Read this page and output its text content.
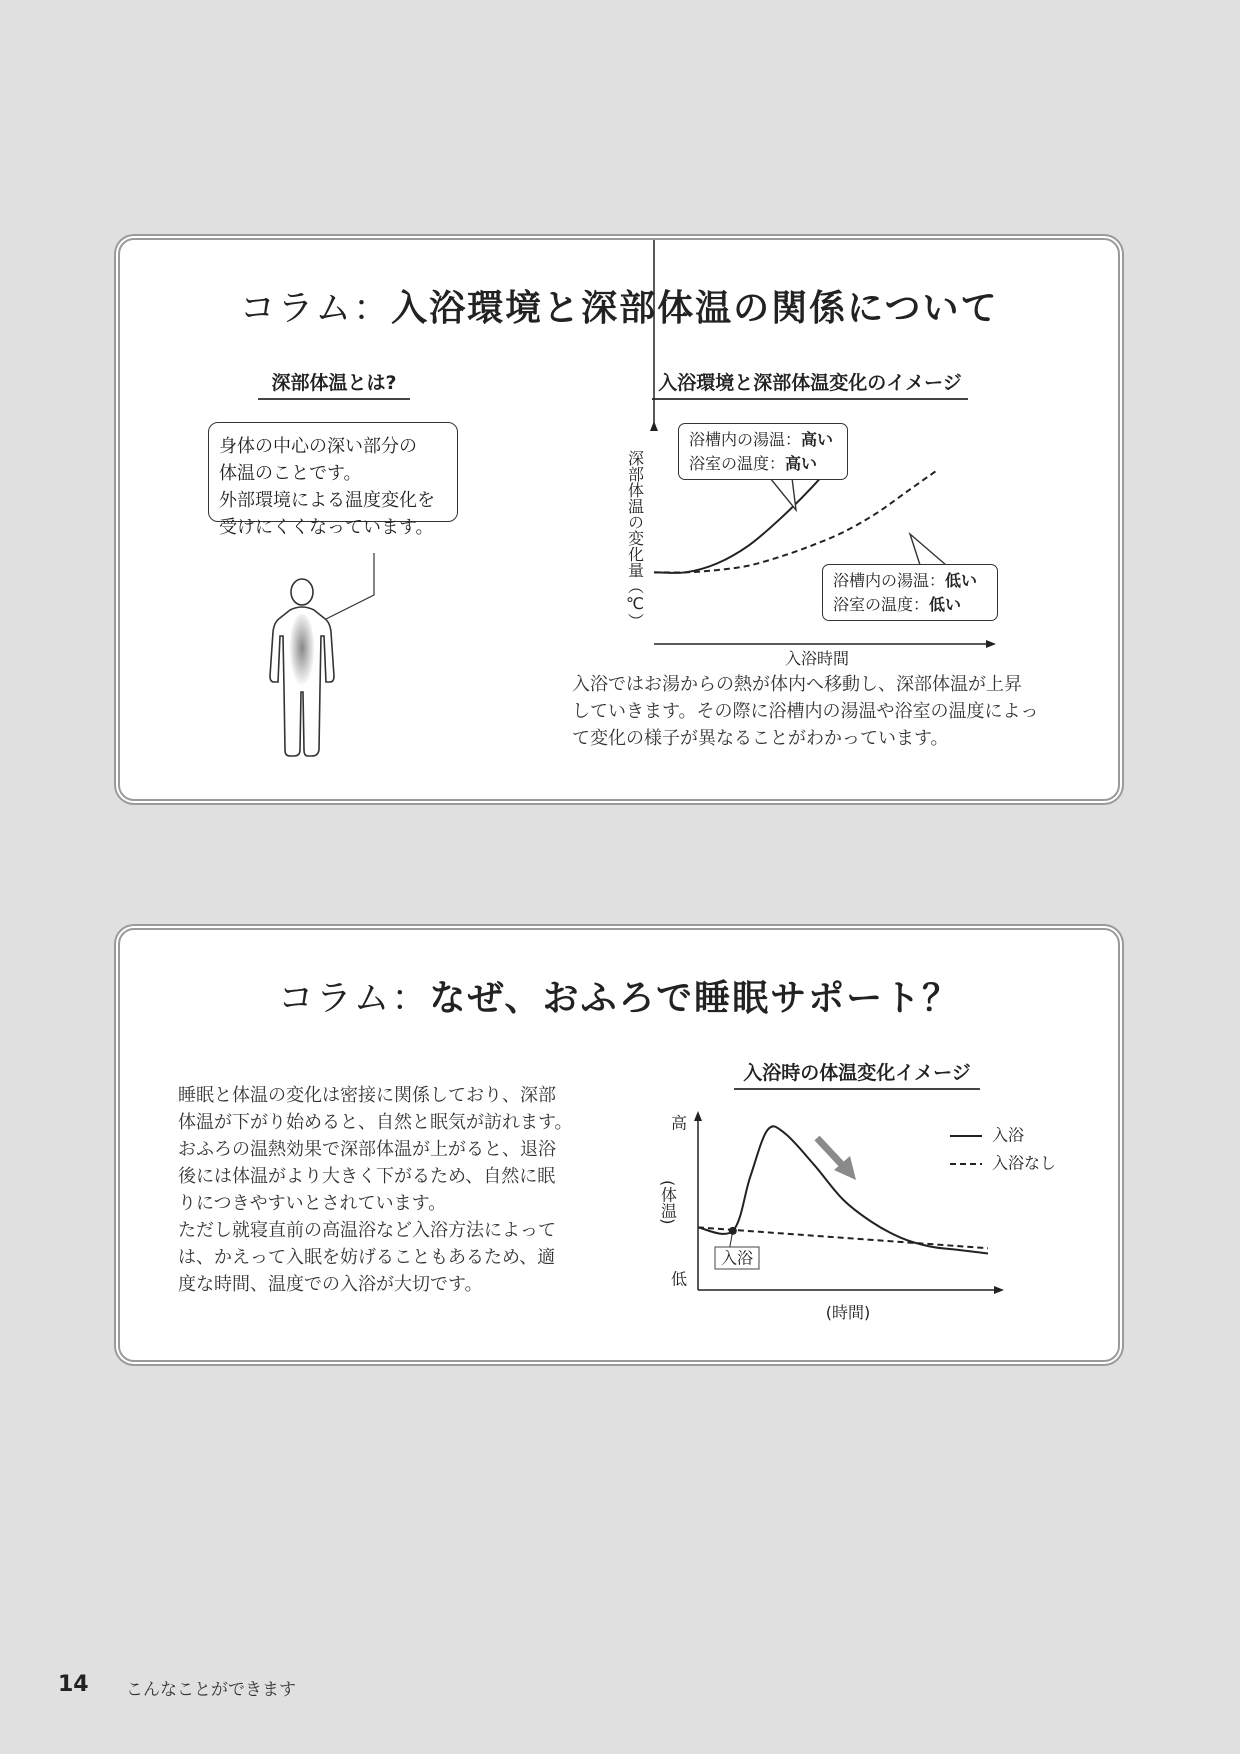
コラム：入浴環境と深部体温の関係について
深部体温とは?
身体の中心の深い部分の
体温のことです。
外部環境による温度変化を
受けにくくなっています。
入浴環境と深部体温変化のイメージ
入浴時間
深部体温の変化量（℃）
浴槽内の湯温：高い
浴室の温度：高い
浴槽内の湯温：低い
浴室の温度：低い

入浴ではお湯からの熱が体内へ移動し、深部体温が上昇

していきます。その際に浴槽内の湯温や浴室の温度によっ

て変化の様子が異なることがわかっています。

コラム：なぜ、おふろで睡眠サポート？

睡眠と体温の変化は密接に関係しており、深部

体温が下がり始めると、自然と眠気が訪れます。

おふろの温熱効果で深部体温が上がると、退浴

後には体温がより大きく下がるため、自然に眠

りにつきやすいとされています。

ただし就寝直前の高温浴など入浴方法によって

は、かえって入眠を妨げることもあるため、適

度な時間、温度での入浴が大切です。

入浴時の体温変化イメージ
高
低
(体温)
(時間)
入浴
入浴
入浴なし
14 こんなことができます
